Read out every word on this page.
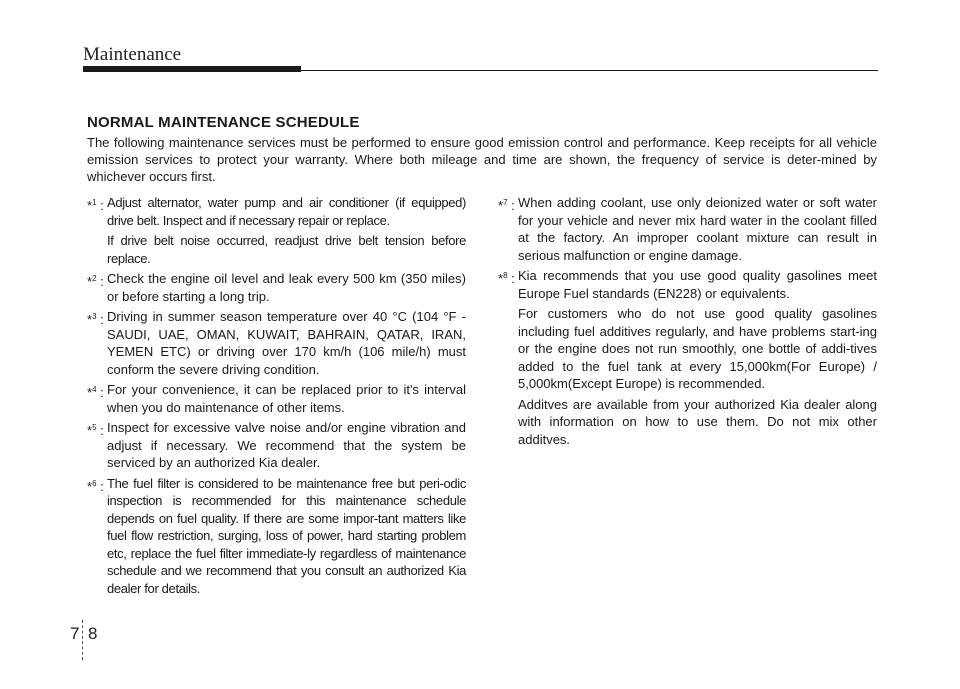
Maintenance
NORMAL MAINTENANCE SCHEDULE
The following maintenance services must be performed to ensure good emission control and performance. Keep receipts for all vehicle emission services to protect your warranty. Where both mileage and time are shown, the frequency of service is deter-mined by whichever occurs first.
*$^1$ : Adjust alternator, water pump and air conditioner (if equipped) drive belt. Inspect and if necessary repair or replace.

If drive belt noise occurred, readjust drive belt tension before replace.

*$^2$ : Check the engine oil level and leak every 500 km (350 miles) or before starting a long trip.

*$^3$ : Driving in summer season temperature over 40 °C (104 °F - SAUDI, UAE, OMAN, KUWAIT, BAHRAIN, QATAR, IRAN, YEMEN ETC) or driving over 170 km/h (106 mile/h) must conform the severe driving condition.

*$^4$ : For your convenience, it can be replaced prior to it's interval when you do maintenance of other items.

*$^5$ : Inspect for excessive valve noise and/or engine vibration and adjust if necessary. We recommend that the system be serviced by an authorized Kia dealer.

*$^6$ : The fuel filter is considered to be maintenance free but peri-odic inspection is recommended for this maintenance schedule depends on fuel quality. If there are some impor-tant matters like fuel flow restriction, surging, loss of power, hard starting problem etc, replace the fuel filter immediate-ly regardless of maintenance schedule and we recommend that you consult an authorized Kia dealer for details.

*$^7$ : When adding coolant, use only deionized water or soft water for your vehicle and never mix hard water in the coolant filled at the factory. An improper coolant mixture can result in serious malfunction or engine damage.

*$^8$ : Kia recommends that you use good quality gasolines meet Europe Fuel standards (EN228) or equivalents.

For customers who do not use good quality gasolines including fuel additives regularly, and have problems start-ing or the engine does not run smoothly, one bottle of addi-tives added to the fuel tank at every 15,000km(For Europe) / 5,000km(Except Europe) is recommended.

Additves are available from your authorized Kia dealer along with information on how to use them. Do not mix other additves.

7 8
